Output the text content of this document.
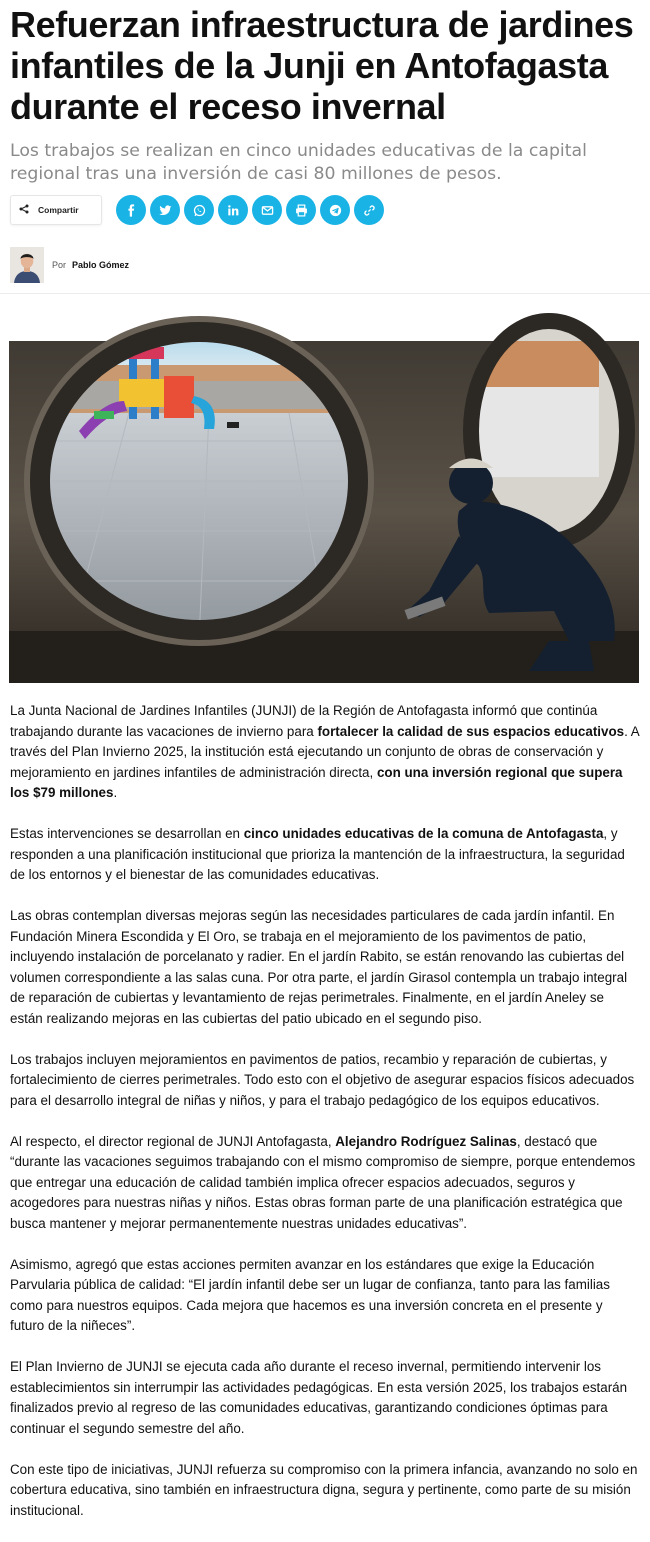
Refuerzan infraestructura de jardines infantiles de la Junji en Antofagasta durante el receso invernal

Los trabajos se realizan en cinco unidades educativas de la capital regional tras una inversión de casi 80 millones de pesos.

Compartir
Por Pablo Gómez

La Junta Nacional de Jardines Infantiles (JUNJI) de la Región de Antofagasta informó que continúa trabajando durante las vacaciones de invierno para fortalecer la calidad de sus espacios educativos. A través del Plan Invierno 2025, la institución está ejecutando un conjunto de obras de conservación y mejoramiento en jardines infantiles de administración directa, con una inversión regional que supera los $79 millones.

Estas intervenciones se desarrollan en cinco unidades educativas de la comuna de Antofagasta, y responden a una planificación institucional que prioriza la mantención de la infraestructura, la seguridad de los entornos y el bienestar de las comunidades educativas.

Las obras contemplan diversas mejoras según las necesidades particulares de cada jardín infantil. En Fundación Minera Escondida y El Oro, se trabaja en el mejoramiento de los pavimentos de patio, incluyendo instalación de porcelanato y radier. En el jardín Rabito, se están renovando las cubiertas del volumen correspondiente a las salas cuna. Por otra parte, el jardín Girasol contempla un trabajo integral de reparación de cubiertas y levantamiento de rejas perimetrales. Finalmente, en el jardín Aneley se están realizando mejoras en las cubiertas del patio ubicado en el segundo piso.

Los trabajos incluyen mejoramientos en pavimentos de patios, recambio y reparación de cubiertas, y fortalecimiento de cierres perimetrales. Todo esto con el objetivo de asegurar espacios físicos adecuados para el desarrollo integral de niñas y niños, y para el trabajo pedagógico de los equipos educativos.

Al respecto, el director regional de JUNJI Antofagasta, Alejandro Rodríguez Salinas, destacó que “durante las vacaciones seguimos trabajando con el mismo compromiso de siempre, porque entendemos que entregar una educación de calidad también implica ofrecer espacios adecuados, seguros y acogedores para nuestras niñas y niños. Estas obras forman parte de una planificación estratégica que busca mantener y mejorar permanentemente nuestras unidades educativas”.

Asimismo, agregó que estas acciones permiten avanzar en los estándares que exige la Educación Parvularia pública de calidad: “El jardín infantil debe ser un lugar de confianza, tanto para las familias como para nuestros equipos. Cada mejora que hacemos es una inversión concreta en el presente y futuro de la niñeces”.

El Plan Invierno de JUNJI se ejecuta cada año durante el receso invernal, permitiendo intervenir los establecimientos sin interrumpir las actividades pedagógicas. En esta versión 2025, los trabajos estarán finalizados previo al regreso de las comunidades educativas, garantizando condiciones óptimas para continuar el segundo semestre del año.

Con este tipo de iniciativas, JUNJI refuerza su compromiso con la primera infancia, avanzando no solo en cobertura educativa, sino también en infraestructura digna, segura y pertinente, como parte de su misión institucional.
